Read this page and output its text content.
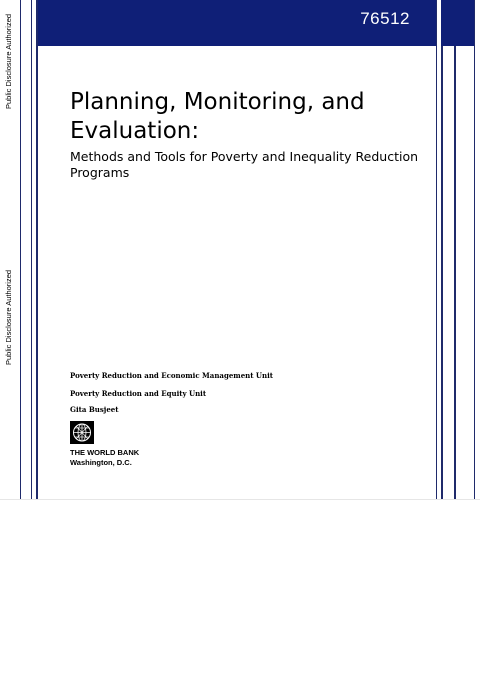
Public Disclosure Authorized
Public Disclosure Authorized
76512
Planning, Monitoring, and Evaluation:

Methods and Tools for Poverty and Inequality Reduction Programs

Poverty Reduction and Economic Management Unit
Poverty Reduction and Equity Unit
Gita Busjeet
THE WORLD BANK
Washington, D.C.
